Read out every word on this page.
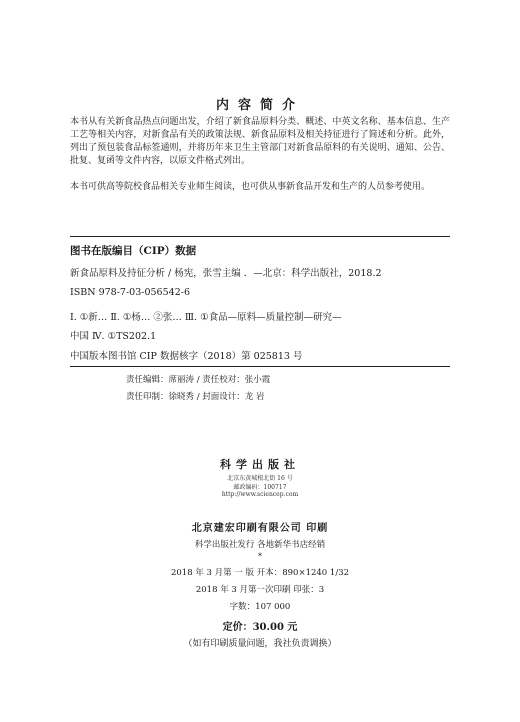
内容简介
本书从有关新食品热点问题出发，介绍了新食品原料分类、概述、中英文名称、基本信息、生产工艺等相关内容，对新食品有关的政策法规、新食品原料及相关持征进行了简述和分析。此外，列出了预包装食品标签通则，并将历年来卫生主管部门对新食品原料的有关说明、通知、公告、批复、复函等文件内容，以原文件格式列出。
本书可供高等院校食品相关专业师生阅读，也可供从事新食品开发和生产的人员参考使用。
图书在版编目（CIP）数据
新食品原料及持征分析 / 杨宪，张雪主编 ．—北京：科学出版社，2018.2
ISBN 978-7-03-056542-6
Ⅰ. ①新… Ⅱ. ①杨… ②张… Ⅲ. ①食品—原料—质量控制—研究—
中国 Ⅳ. ①TS202.1
中国版本图书馆 CIP 数据核字（2018）第 025813 号
责任编辑：席丽涛 / 责任校对：张小霞
责任印制：徐晓秀 / 封面设计：龙 岩
科学出版社
北京东黄城根北街 16 号
邮政编码：100717
http://www.sciencep.com
北京建宏印刷有限公司 印刷
科学出版社发行 各地新华书店经销
*
2018 年 3 月第 一 版 开本：890×1240 1/32
2018 年 3 月第一次印刷 印张：3
字数：107 000
定价：30.00 元
（如有印刷质量问题，我社负责调换）
